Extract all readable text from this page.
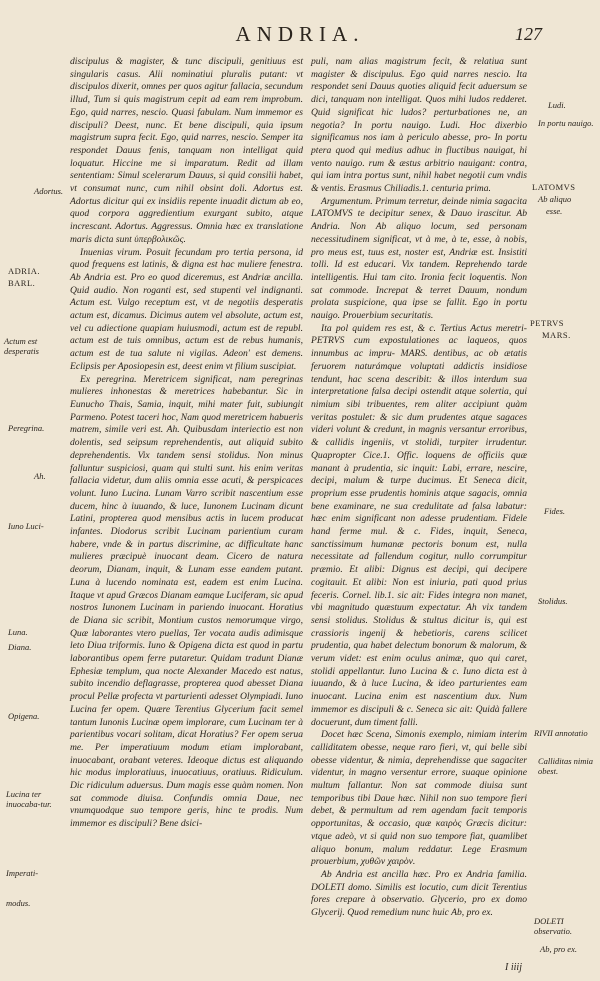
ANDRIA.	127

discipulus & magister, & tunc discipuli, genitiuus est singularis casus. Alii nominatiui pluralis putant: vt discipulos dixerit, omnes per quos agitur fallacia, secundum illud, Tum si quis magistrum cepit ad eam rem improbum. Ego, quid narres, nescio. Quasi fabulam. Num immemor es discipuli? Deest, nunc. Et bene discipuli, quia ipsum magistrum supra fecit. Ego, quid narres, nescio. Semper ita respondet Dauus fenis, tanquam non intelligat quid loquatur. Hiccine me si imparatum. Redit ad illam sententiam: Simul scelerarum Dauus, si quid consilii habet, vt consumat nunc, cum nihil obsint doli. Adortus est. Adortus dicitur qui ex insidiis repente inuadit dictum ab eo, quod corpora aggredientium exurgant subito, atque increscant. Adortus. Aggressus. Omnia hæc ex translatione maris dicta sunt ὑπερβολικῶς.

Inuenias virum. Posuit fecundam pro tertia persona, id quod frequens est latinis, & digna est hac muliere fenestra. Ab Andria est. Pro eo quod diceremus, est Andriæ ancilla. Quid audio. Non roganti est, sed stupenti vel indignanti. Actum est. Vulgo receptum est, vt de negotiis desperatis actum est, dicamus. Dicimus autem vel absolute, actum est, vel cu adiectione quapiam huiusmodi, actum est de republ. actum est de tuis omnibus, actum est de rebus humanis, actum est de tua salute ni vigilas. Adeon' est demens. Eclipsis per Aposiopesin est, deest enim vt filium suscipiat.

Ex peregrina. Meretricem significat, nam peregrinas mulieres inhonestas & meretrices habebantur. Sic in Eunucho Thais, Samia, inquit, mihi mater fuit, subiungit Parmeno. Potest taceri hoc, Nam quod meretricem habueris matrem, simile veri est. Ah. Quibusdam interiectio est non dolentis, sed seipsum reprehendentis, aut aliquid subito deprehendentis. Vix tandem sensi stolidus. Non minus falluntur suspiciosi, quam qui stulti sunt. his enim veritas fallacia videtur, dum aliis omnia esse acuti, & perspicaces volunt. Iuno Lucina. Lunam Varro scribit nascentium esse ducem, hinc à iuuando, & luce, Iunonem Lucinam dicunt Latini, propterea quod mensibus actis in lucem producat infantes. Diodorus scribit Lucinam parientium curam habere, vnde & in partus discrimine, ac difficultate hanc mulieres præcipuè inuocant deam. Cicero de natura deorum, Dianam, inquit, & Lunam esse eandem putant. Luna à lucendo nominata est, eadem est enim Lucina. Itaque vt apud Græcos Dianam eamque Luciferam, sic apud nostros Iunonem Lucinam in pariendo inuocant. Horatius de Diana sic scribit, Montium custos nemorumque virgo, Quæ laborantes vtero puellas, Ter vocata audis adimisque leto Diua triformis. Iuno & Opigena dicta est quod in partu laborantibus opem ferre putaretur. Quidam tradunt Dianæ Ephesiæ templum, qua nocte Alexander Macedo est natus, subito incendio deflagrasse, propterea quod abesset Diana procul Pellæ profecta vt parturienti adesset Olympiadi. Iuno Lucina fer opem. Quære Terentius Glycerium facit semel tantum Iunonis Lucinæ opem implorare, cum Lucinam ter à parientibus vocari solitam, dicat Horatius? Fer opem serua me. Per imperatiuum modum etiam implorabant, inuocabant, orabant veteres. Ideoque dictus est aliquando hic modus imploratiuus, inuocatiuus, oratiuus. Ridiculum. Dic ridiculum aduersus. Dum magis esse quàm nomen. Non sat commode diuisa. Confundis omnia Daue, nec vnumquodque suo tempore geris, hinc te prodis. Num immemor es discipuli? Bene dsici-

puli, nam alias magistrum fecit, & relatiua sunt magister & discipulus. Ego quid narres nescio. Ita respondet seni Dauus quoties aliquid fecit aduersum se dici, tanquam non intelligat. Quos mihi ludos redderet. Quid significat hic ludos? perturbationes ne, an negotia? In portu nauigo. Ludi. Hoc dixerbio significamus nos iam à periculo abesse, pro- In portu ptera quod qui medius adhuc in fluctibus nauigat, hi vento nauigo. rum & æstus arbitrio nauigant: contra, qui iam intra portus sunt, nihil habet negotii cum vndis & ventis. Erasmus Chiliadis.1. centuria prima.

Argumentum. Primum terretur, deinde nimia sagacita LATOMVS te decipitur senex, & Dauo irascitur. Ab Andria. Non Ab aliquo locum, sed personam necessitudinem significat, vt à me, à te, esse, à nobis, pro meus est, tuus est, noster est, Andriæ est. Insistiti tolli. Id est educari. Vix tandem. Reprehendo tarde intelligentis. Hui tam cito. Ironia fecit loquentis. Non sat commode. Increpat & terret Dauum, nondum prolata suspicione, qua ipse se fallit. Ego in portu nauigo. Prouerbium securitatis.

Ita pol quidem res est, & c. Tertius Actus meretri- PETRVS cum expostulationes ac laqueos, quos innumbus ac impru- MARS. dentibus, ac ob ætatis feruorem naturámque voluptati addictis insidiose tendunt, hac scena describit: & illos interdum sua interpretatione falsa decipi ostendit atque solertia, qui nimium sibi tribuentes, rem aliter accipiunt quàm veritas postulet: & sic dum prudentes atque sagaces videri volunt & credunt, in magnis versantur erroribus, & callidis ingeniis, vt stolidi, turpiter irrudentur. Quapropter Cice.1. Offic. loquens de officiis quæ manant à prudentia, sic inquit: Labi, errare, nescire, decipi, malum & turpe ducimus. Et Seneca dicit, proprium esse prudentis hominis atque sagacis, omnia bene examinare, ne sua credulitate ad falsa labatur: hæc enim significant non adesse prudentiam. Fidele hand ferme mul. & c. Fides, inquit, Seneca, sanctissimum humanæ pectoris bonum est, nulla necessitate ad fallendum cogitur, nullo corrumpitur præmio. Et alibi: Dignus est decipi, qui decipere cogitauit. Et alibi: Non est iniuria, pati quod prius feceris. Cornel. lib.1. sic ait: Fides integra non manet, vbi magnitudo quæstuum expectatur. Ah vix tandem sensi stolidus. Stolidus & stultus dicitur is, qui est crassioris ingenij & hebetioris, carens scilicet prudentia, qua habet delectum bonorum & malorum, & verum videt: est enim oculus animæ, quo qui caret, stolidi appellantur. Iuno Lucina & c. Iuno dicta est à iuuando, & à luce Lucina, & ideo parturientes eam inuocant. Lucina enim est nascentium dux. Num immemor es discipuli & c. Seneca sic ait: Quidà fallere docuerunt, dum timent falli.

Docet hæc Scena, Simonis exemplo, nimiam interim calliditatem obesse, neque raro fieri, vt, qui belle sibi obesse videntur, & nimia, deprehendisse que sagaciter videntur, in magno versentur errore, suaque opinione multum fallantur. Non sat commode diuisa sunt temporibus tibi Daue hæc. Nihil non suo tempore fieri debet, & permultum ad rem agendam facit temporis opportunitas, & occasio, quæ καιρὸς Græcis dicitur: vtque adeò, vt si quid non suo tempore fiat, quamlibet aliquo bonum, malum reddatur. Lege Erasmum prouerbium, χυθῶν χαιρὸν.

Ab Andria est ancilla hæc. Pro ex Andria familia. DOLETI domo. Similis est locutio, cum dicit Terentius fores crepare à observatio. Glycerio, pro ex domo Glycerij. Quod remedium nunc huic Ab, pro ex.

Adortus.
ADRIA.
BARL.
Actum est desperatis
Peregrina.
Ah.
Iuno Luci-
Luna.
Diana.
Opigena.
Lucina ter inuocaba-tur.
Imperati-
modus.
LATOMVS
Ab aliquo
esse.
In portu nauigo.
Ludi.
PETRVS
MARS.
Fides.
Stolidus.
RIVII annotatio
Calliditas nimia obest.
DOLETI observatio.
Ab, pro ex.
I iiij
